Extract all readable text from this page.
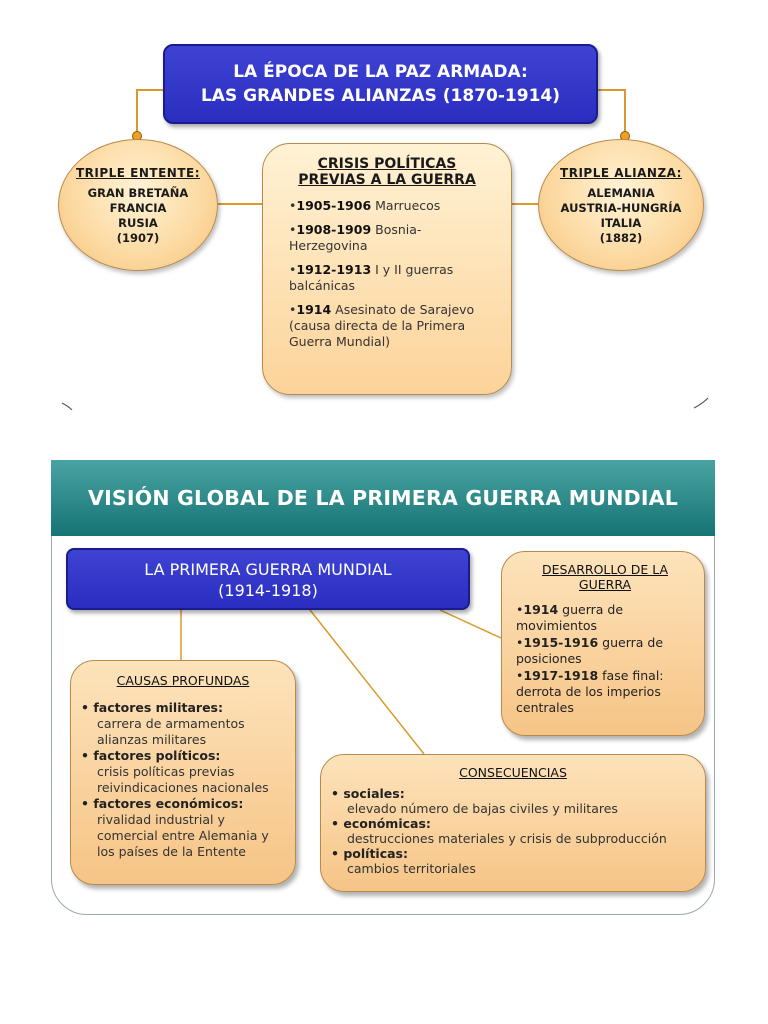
LA ÉPOCA DE LA PAZ ARMADA:
LAS GRANDES ALIANZAS (1870-1914)
TRIPLE ENTENTE:
GRAN BRETAÑA
FRANCIA
RUSIA
(1907)
TRIPLE ALIANZA:
ALEMANIA
AUSTRIA-HUNGRÍA
ITALIA
(1882)
CRISIS POLÍTICAS
PREVIAS A LA GUERRA
•1905-1906 Marruecos
•1908-1909 Bosnia-Herzegovina
•1912-1913 I y II guerras balcánicas
•1914 Asesinato de Sarajevo (causa directa de la Primera Guerra Mundial)
VISIÓN GLOBAL DE LA PRIMERA GUERRA MUNDIAL
LA PRIMERA GUERRA MUNDIAL
(1914-1918)
DESARROLLO DE LA
GUERRA
•1914 guerra de movimientos
•1915-1916 guerra de posiciones
•1917-1918 fase final: derrota de los imperios centrales
CAUSAS PROFUNDAS
• factores militares:
carrera de armamentos
alianzas militares
• factores políticos:
crisis políticas previas
reivindicaciones nacionales
• factores económicos:
rivalidad industrial y
comercial entre Alemania y
los países de la Entente
CONSECUENCIAS
• sociales:
elevado número de bajas civiles y militares
• económicas:
destrucciones materiales y crisis de subproducción
• políticas:
cambios territoriales
